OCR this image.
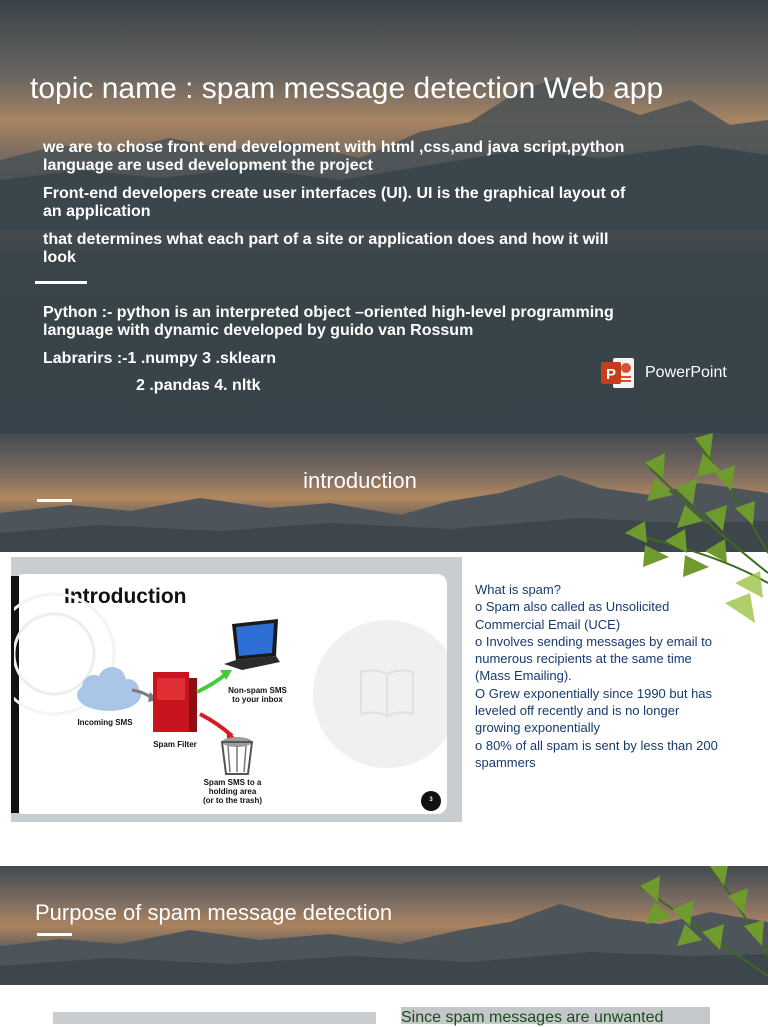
topic name : spam message detection Web app
we are to chose front end development with html ,css,and java script,python
language are used development the project
Front-end developers create user interfaces (UI). UI is the graphical layout of
an application
that determines what each part of a site or application does and how it will
look
Python :- python is an interpreted object –oriented high-level programming
language with dynamic developed by guido van Rossum
Labrarirs :-1 .numpy 3 .sklearn
2 .pandas 4. nltk
P PowerPoint
introduction
Introduction
3
Incoming SMS
Spam Filter
Non-spam SMS
to your inbox
Spam SMS to a
holding area
(or to the trash)
What is spam?
o Spam also called as Unsolicited
Commercial Email (UCE)
o Involves sending messages by email to
numerous recipients at the same time
(Mass Emailing).
O Grew exponentially since 1990 but has
leveled off recently and is no longer
growing exponentially
o 80% of all spam is sent by less than 200
spammers
Purpose of spam message detection
Since spam messages are unwanted
